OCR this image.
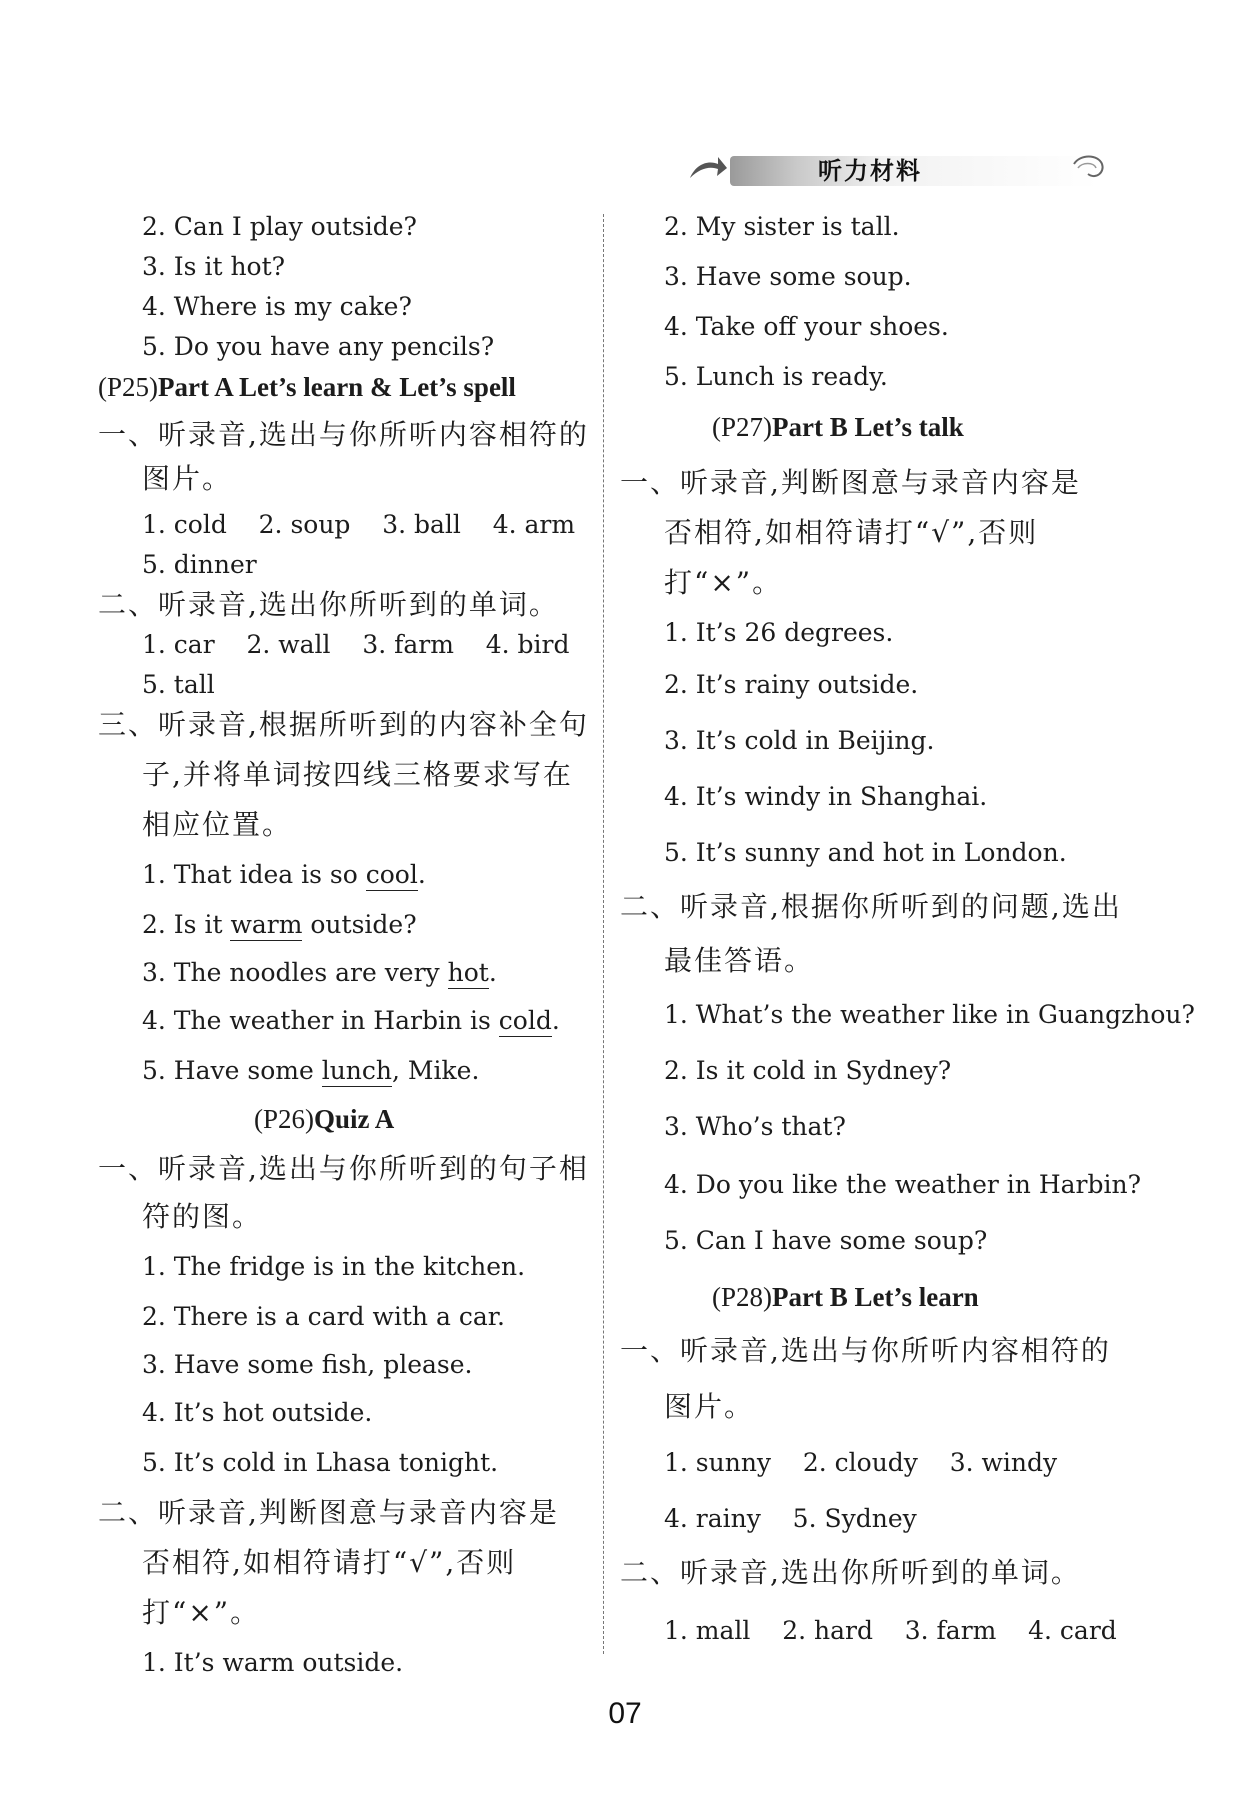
听力材料
2. Can I play outside?
3. Is it hot?
4. Where is my cake?
5. Do you have any pencils?
(P25)Part A Let’s learn & Let’s spell
一、听录音,选出与你所听内容相符的
图片。
1. cold    2. soup    3. ball    4. arm
5. dinner
二、听录音,选出你所听到的单词。
1. car    2. wall    3. farm    4. bird
5. tall
三、听录音,根据所听到的内容补全句
子,并将单词按四线三格要求写在
相应位置。
1. That idea is so cool.
2. Is it warm outside?
3. The noodles are very hot.
4. The weather in Harbin is cold.
5. Have some lunch, Mike.
(P26)Quiz A
一、听录音,选出与你所听到的句子相
符的图。
1. The fridge is in the kitchen.
2. There is a card with a car.
3. Have some fish, please.
4. It’s hot outside.
5. It’s cold in Lhasa tonight.
二、听录音,判断图意与录音内容是
否相符,如相符请打“√”,否则
打“×”。
1. It’s warm outside.
2. My sister is tall.
3. Have some soup.
4. Take off your shoes.
5. Lunch is ready.
(P27)Part B Let’s talk
一、听录音,判断图意与录音内容是
否相符,如相符请打“√”,否则
打“×”。
1. It’s 26 degrees.
2. It’s rainy outside.
3. It’s cold in Beijing.
4. It’s windy in Shanghai.
5. It’s sunny and hot in London.
二、听录音,根据你所听到的问题,选出
最佳答语。
1. What’s the weather like in Guangzhou?
2. Is it cold in Sydney?
3. Who’s that?
4. Do you like the weather in Harbin?
5. Can I have some soup?
(P28)Part B Let’s learn
一、听录音,选出与你所听内容相符的
图片。
1. sunny    2. cloudy    3. windy
4. rainy    5. Sydney
二、听录音,选出你所听到的单词。
1. mall    2. hard    3. farm    4. card
07
